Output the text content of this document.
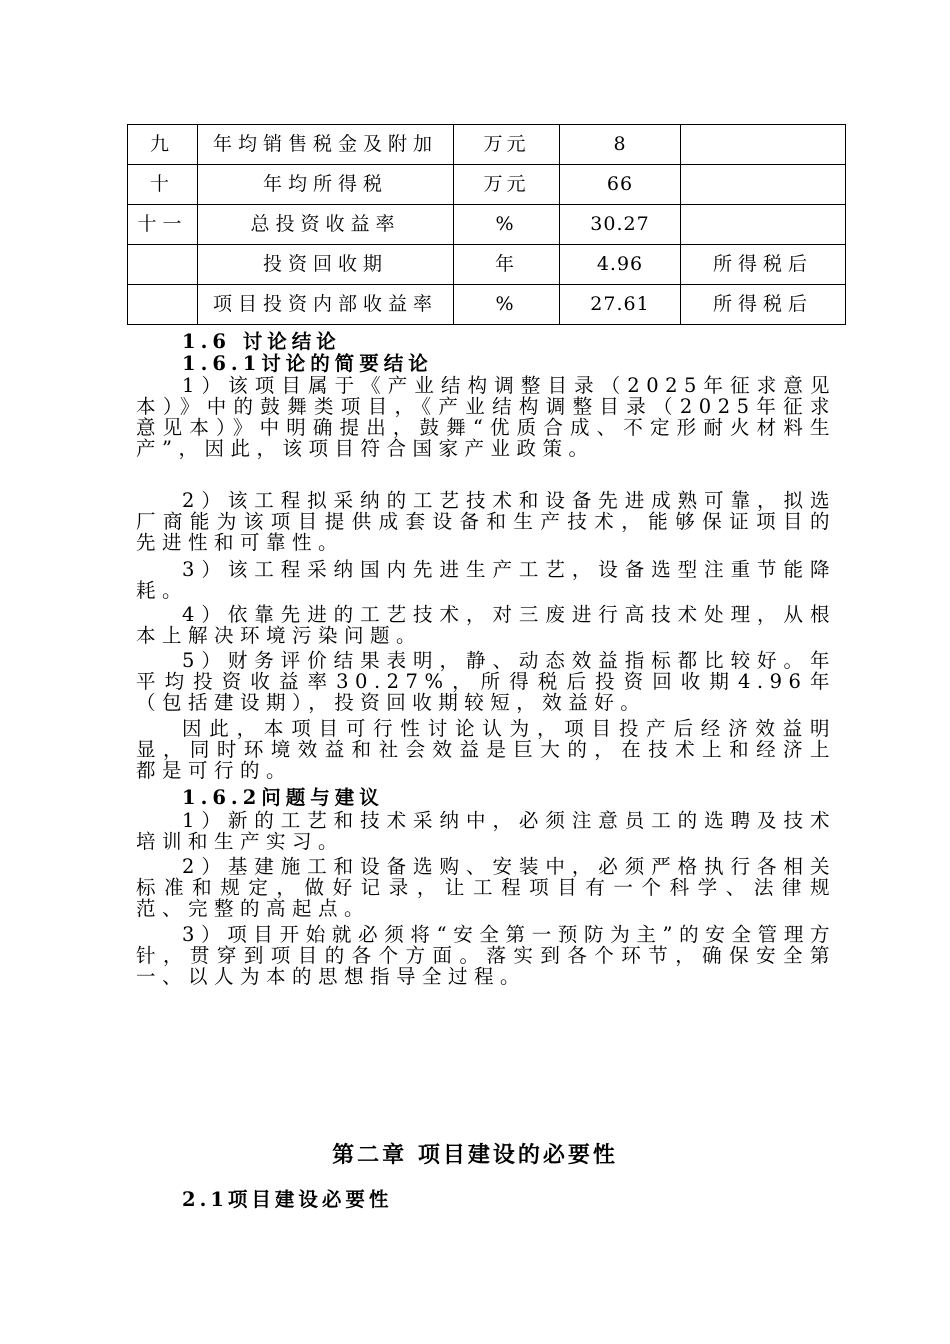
九	年均销售税金及附加	万元	8	
十	年均所得税	万元	66	
十一	总投资收益率	%	30.27	
	投资回收期	年	4.96	所得税后
	项目投资内部收益率	%	27.61	所得税后

1.6 讨论结论

1.6.1讨论的简要结论

1）该项目属于《产业结构调整目录（2025年征求意见本）》中的鼓舞类项目，《产业结构调整目录（2025年征求意见本）》中明确提出，鼓舞“优质合成、不定形耐火材料生产”，因此，该项目符合国家产业政策。

2）该工程拟采纳的工艺技术和设备先进成熟可靠，拟选厂商能为该项目提供成套设备和生产技术，能够保证项目的先进性和可靠性。

3）该工程采纳国内先进生产工艺，设备选型注重节能降耗。

4）依靠先进的工艺技术，对三废进行高技术处理，从根本上解决环境污染问题。

5）财务评价结果表明，静、动态效益指标都比较好。年平均投资收益率30.27%，所得税后投资回收期4.96年（包括建设期），投资回收期较短，效益好。

因此，本项目可行性讨论认为，项目投产后经济效益明显，同时环境效益和社会效益是巨大的，在技术上和经济上都是可行的。

1.6.2问题与建议

1）新的工艺和技术采纳中，必须注意员工的选聘及技术培训和生产实习。

2）基建施工和设备选购、安装中，必须严格执行各相关标准和规定，做好记录，让工程项目有一个科学、法律规范、完整的高起点。

3）项目开始就必须将“安全第一预防为主”的安全管理方针，贯穿到项目的各个方面。落实到各个环节，确保安全第一、以人为本的思想指导全过程。

第二章 项目建设的必要性

2.1项目建设必要性
